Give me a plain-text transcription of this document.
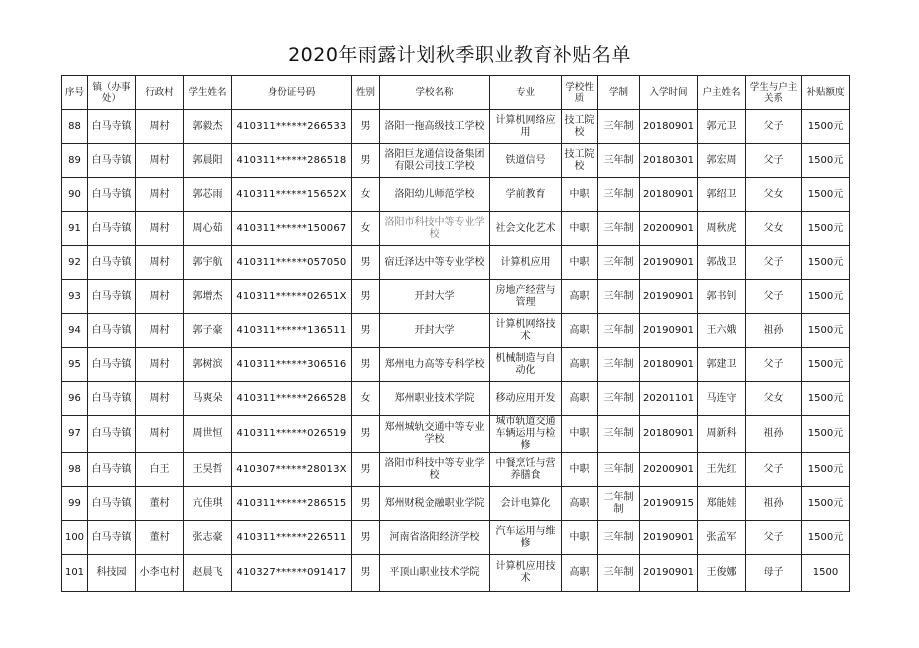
2020年雨露计划秋季职业教育补贴名单
序号	镇（办事处）	行政村	学生姓名	身份证号码	性别	学校名称	专业	学校性质	学制	入学时间	户主姓名	学生与户主关系	补贴额度
88	白马寺镇	周村	郭毅杰	410311******266533	男	洛阳一拖高级技工学校	计算机网络应用	技工院校	三年制	20180901	郭元卫	父子	1500元
89	白马寺镇	周村	郭晨阳	410311******286518	男	洛阳巨龙通信设备集团有限公司技工学校	铁道信号	技工院校	三年制	20180301	郭宏周	父子	1500元
90	白马寺镇	周村	郭芯雨	410311******15652X	女	洛阳幼儿师范学校	学前教育	中职	三年制	20180901	郭绍卫	父女	1500元
91	白马寺镇	周村	周心茹	410311******150067	女	洛阳市科技中等专业学校	社会文化艺术	中职	三年制	20200901	周秋虎	父女	1500元
92	白马寺镇	周村	郭宇航	410311******057050	男	宿迁泽达中等专业学校	计算机应用	中职	三年制	20190901	郭战卫	父子	1500元
93	白马寺镇	周村	郭增杰	410311******02651X	男	开封大学	房地产经营与管理	高职	三年制	20190901	郭书钊	父子	1500元
94	白马寺镇	周村	郭子豪	410311******136511	男	开封大学	计算机网络技术	高职	三年制	20190901	王六娥	祖孙	1500元
95	白马寺镇	周村	郭树滨	410311******306516	男	郑州电力高等专科学校	机械制造与自动化	高职	三年制	20180901	郭建卫	父子	1500元
96	白马寺镇	周村	马爽朵	410311******266528	女	郑州职业技术学院	移动应用开发	高职	三年制	20201101	马连守	父女	1500元
97	白马寺镇	周村	周世恒	410311******026519	男	郑州城轨交通中等专业学校	城市轨道交通车辆运用与检修	中职	三年制	20180901	周新科	祖孙	1500元
98	白马寺镇	白王	王昊哲	410307******28013X	男	洛阳市科技中等专业学校	中餐烹饪与营养膳食	中职	三年制	20200901	王先红	父子	1500元
99	白马寺镇	董村	亢佳琪	410311******286515	男	郑州财税金融职业学院	会计电算化	高职	二年制制	20190915	郑能娃	祖孙	1500元
100	白马寺镇	董村	张志豪	410311******226511	男	河南省洛阳经济学校	汽车运用与维修	中职	三年制	20190901	张孟军	父子	1500元
101	科技园	小李屯村	赵晨飞	410327******091417	男	平顶山职业技术学院	计算机应用技术	高职	三年制	20190901	王俊娜	母子	1500
